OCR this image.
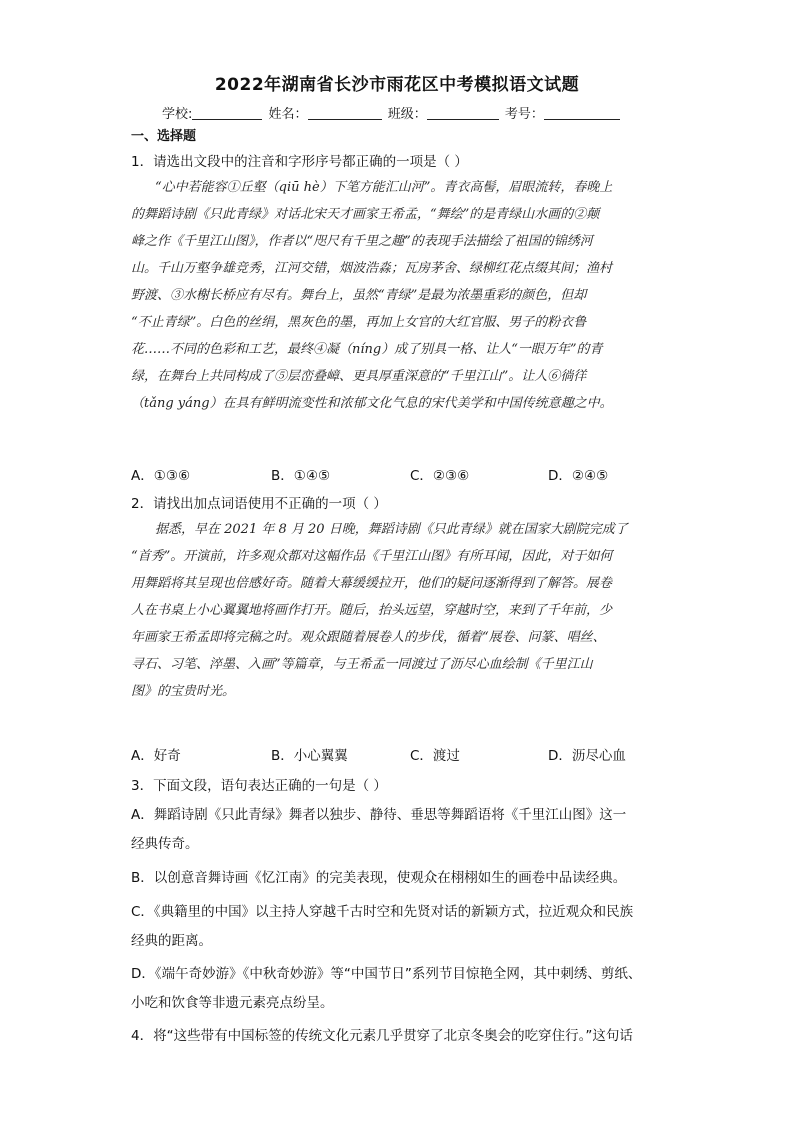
2022年湖南省长沙市雨花区中考模拟语文试题
学校:	姓名：	班级：	考号：
一、选择题
1．请选出文段中的注音和字形序号都正确的一项是（ ）
“心中若能容①丘壑（qiū hè）下笔方能汇山河”。青衣高髻，眉眼流转，春晚上
的舞蹈诗剧《只此青绿》对话北宋天才画家王希孟，“舞绘”的是青绿山水画的②颠
峰之作《千里江山图》，作者以“咫尺有千里之趣”的表现手法描绘了祖国的锦绣河
山。千山万壑争雄竞秀，江河交错，烟波浩淼；瓦房茅舍、绿柳红花点缀其间；渔村
野渡、③水榭长桥应有尽有。舞台上，虽然“青绿”是最为浓墨重彩的颜色，但却
“不止青绿”。白色的丝绢，黑灰色的墨，再加上女官的大红官服、男子的粉衣鲁
花……不同的色彩和工艺，最终④凝（níng）成了别具一格、让人“一眼万年”的青
绿，在舞台上共同构成了⑤层峦叠嶂、更具厚重深意的“千里江山”。让人⑥徜徉
（tǎng yáng）在具有鲜明流变性和浓郁文化气息的宋代美学和中国传统意趣之中。
A．①③⑥	B．①④⑤	C．②③⑥	D．②④⑤
2．请找出加点词语使用不正确的一项（ ）
据悉，早在 2021 年 8 月 20 日晚，舞蹈诗剧《只此青绿》就在国家大剧院完成了
“首秀”。开演前，许多观众都对这幅作品《千里江山图》有所耳闻，因此，对于如何
用舞蹈将其呈现也倍感好奇。随着大幕缓缓拉开，他们的疑问逐渐得到了解答。展卷
人在书桌上小心翼翼地将画作打开。随后，抬头远望，穿越时空，来到了千年前，少
年画家王希孟即将完稿之时。观众跟随着展卷人的步伐，循着“展卷、问篆、唱丝、
寻石、习笔、淬墨、入画”等篇章，与王希孟一同渡过了沥尽心血绘制《千里江山
图》的宝贵时光。
A．好奇	B．小心翼翼	C．渡过	D．沥尽心血
3．下面文段，语句表达正确的一句是（ ）
A．舞蹈诗剧《只此青绿》舞者以独步、静待、垂思等舞蹈语将《千里江山图》这一
经典传奇。
B．以创意音舞诗画《忆江南》的完美表现，使观众在栩栩如生的画卷中品读经典。
C．《典籍里的中国》以主持人穿越千古时空和先贤对话的新颖方式，拉近观众和民族
经典的距离。
D．《端午奇妙游》《中秋奇妙游》等“中国节日”系列节目惊艳全网，其中刺绣、剪纸、
小吃和饮食等非遗元素亮点纷呈。
4．将“这些带有中国标签的传统文化元素几乎贯穿了北京冬奥会的吃穿住行。”这句话
